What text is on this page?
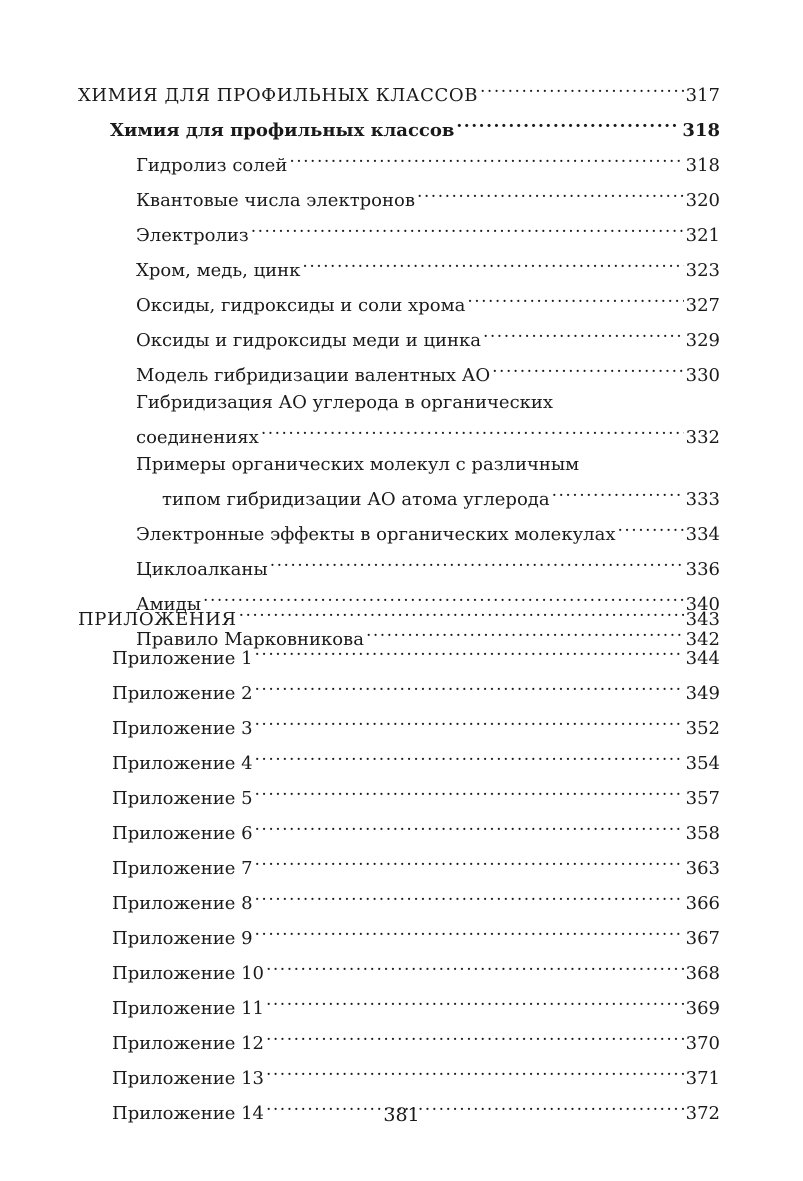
ХИМИЯ ДЛЯ ПРОФИЛЬНЫХ КЛАССОВ .....	317
Химия для профильных классов .....	318
Гидролиз солей .....	318
Квантовые числа электронов .....	320
Электролиз .....	321
Хром, медь, цинк .....	323
Оксиды, гидроксиды и соли хрома .....	327
Оксиды и гидроксиды меди и цинка .....	329
Модель гибридизации валентных АО .....	330
Гибридизация АО углерода в органических
соединениях .....	332
Примеры органических молекул с различным
типом гибридизации АО атома углерода .....	333
Электронные эффекты в органических молекулах .....	334
Циклоалканы .....	336
Амиды .....	340
Правило Марковникова .....	342
ПРИЛОЖЕНИЯ .....	343
Приложение 1 .....	344
Приложение 2 .....	349
Приложение 3 .....	352
Приложение 4 .....	354
Приложение 5 .....	357
Приложение 6 .....	358
Приложение 7 .....	363
Приложение 8 .....	366
Приложение 9 .....	367
Приложение 10 .....	368
Приложение 11 .....	369
Приложение 12 .....	370
Приложение 13 .....	371
Приложение 14 .....	372
381
